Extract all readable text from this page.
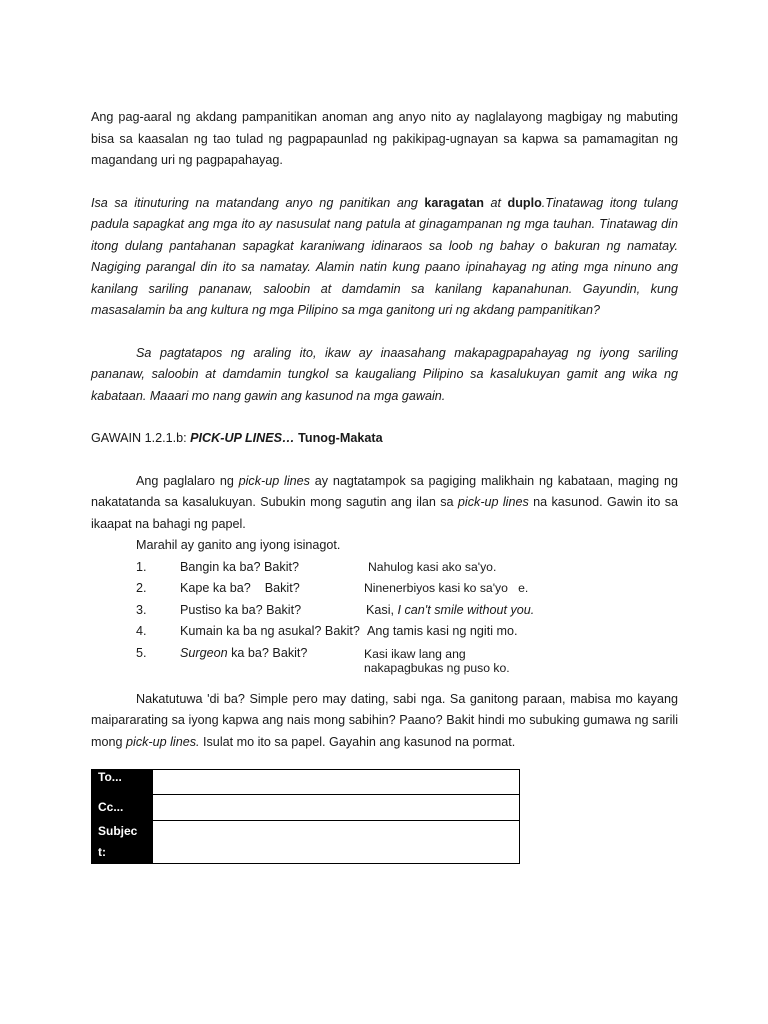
Ang pag-aaral ng akdang pampanitikan anoman ang anyo nito ay naglalayong magbigay ng mabuting bisa sa kaasalan ng tao tulad ng pagpapaunlad ng pakikipag-ugnayan sa kapwa sa pamamagitan ng magandang uri ng pagpapahayag.

Isa sa itinuturing na matandang anyo ng panitikan ang karagatan at duplo.Tinatawag itong tulang padula sapagkat ang mga ito ay nasusulat nang patula at ginagampanan ng mga tauhan. Tinatawag din itong dulang pantahanan sapagkat karaniwang idinaraos sa loob ng bahay o bakuran ng namatay. Nagiging parangal din ito sa namatay. Alamin natin kung paano ipinahayag ng ating mga ninuno ang kanilang sariling pananaw, saloobin at damdamin sa kanilang kapanahunan. Gayundin, kung masasalamin ba ang kultura ng mga Pilipino sa mga ganitong uri ng akdang pampanitikan?

Sa pagtatapos ng araling ito, ikaw ay inaasahang makapagpapahayag ng iyong sariling pananaw, saloobin at damdamin tungkol sa kaugaliang Pilipino sa kasalukuyan gamit ang wika ng kabataan. Maaari mo nang gawin ang kasunod na mga gawain.

GAWAIN 1.2.1.b: PICK-UP LINES… Tunog-Makata

Ang paglalaro ng pick-up lines ay nagtatampok sa pagiging malikhain ng kabataan, maging ng nakatatanda sa kasalukuyan. Subukin mong sagutin ang ilan sa pick-up lines na kasunod. Gawin ito sa ikaapat na bahagi ng papel.

Marahil ay ganito ang iyong isinagot.

1.	Bangin ka ba? Bakit?	Nahulog kasi ako sa'yo.
2.	Kape ka ba?    Bakit?	Ninenerbiyos kasi ko sa'yo   e.
3.	Pustiso ka ba? Bakit?	Kasi, I can't smile without you.
4.	Kumain ka ba ng asukal? Bakit? Ang tamis kasi ng ngiti mo.
5.	Surgeon ka ba? Bakit?	Kasi ikaw lang ang
nakapagbukas ng puso ko.

Nakatutuwa 'di ba? Simple pero may dating, sabi nga. Sa ganitong paraan, mabisa mo kayang maipararating sa iyong kapwa ang nais mong sabihin? Paano? Bakit hindi mo subuking gumawa ng sarili mong pick-up lines. Isulat mo ito sa papel. Gayahin ang kasunod na pormat.

To...	

Cc...	

Subjec
t:	
